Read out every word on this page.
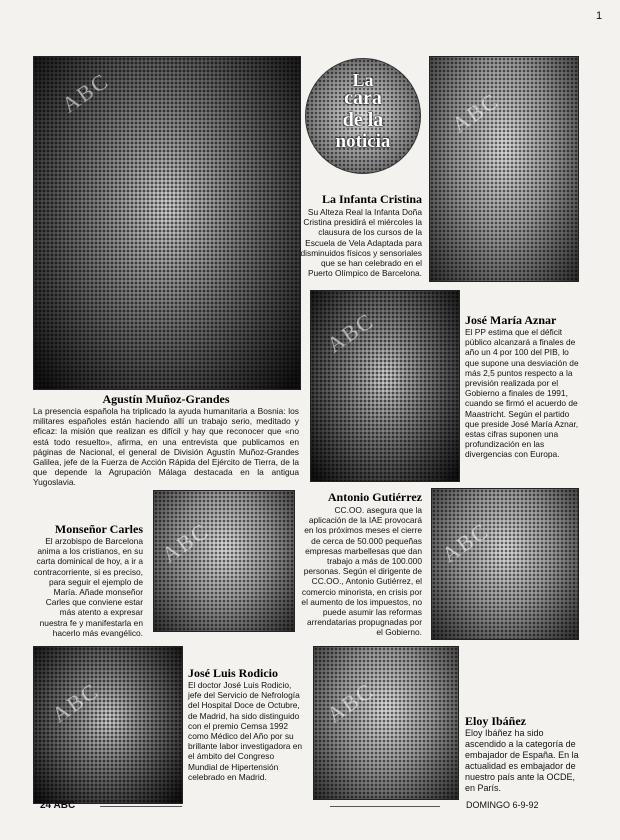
1
ABC	La
cara
de la
noticia
La Infanta Cristina
Su Alteza Real la Infanta Doña Cristina presidirá el miércoles la clausura de los cursos de la Escuela de Vela Adaptada para disminuidos físicos y sensoriales que se han celebrado en el Puerto Olímpico de Barcelona.
ABC
Agustín Muñoz-Grandes
La presencia española ha triplicado la ayuda humanitaria a Bosnia: los militares españoles están haciendo allí un trabajo serio, meditado y eficaz: la misión que realizan es difícil y hay que reconocer que «no está todo resuelto», afirma, en una entrevista que publicamos en páginas de Nacional, el general de División Agustín Muñoz-Grandes Galilea, jefe de la Fuerza de Acción Rápida del Ejército de Tierra, de la que depende la Agrupación Málaga destacada en la antigua Yugoslavia.
ABC	José María Aznar
El PP estima que el déficit público alcanzará a finales de año un 4 por 100 del PIB, lo que supone una desviación de más 2,5 puntos respecto a la previsión realizada por el Gobierno a finales de 1991, cuando se firmó el acuerdo de Maastricht. Según el partido que preside José María Aznar, estas cifras suponen una profundización en las divergencias con Europa.
Monseñor Carles
El arzobispo de Barcelona anima a los cristianos, en su carta dominical de hoy, a ir a contracorriente, si es preciso, para seguir el ejemplo de María. Añade monseñor Carles que conviene estar más atento a expresar nuestra fe y manifestarla en hacerlo más evangélico.
ABC
Antonio Gutiérrez
CC.OO. asegura que la aplicación de la IAE provocará en los próximos meses el cierre de cerca de 50.000 pequeñas empresas marbellesas que dan trabajo a más de 100.000 personas. Según el dirigente de CC.OO., Antonio Gutiérrez, el comercio minorista, en crisis por el aumento de los impuestos, no puede asumir las reformas arrendatarias propugnadas por el Gobierno.
ABC
ABC
José Luis Rodicio
El doctor José Luis Rodicio, jefe del Servicio de Nefrología del Hospital Doce de Octubre, de Madrid, ha sido distinguido con el premio Cemsa 1992 como Médico del Año por su brillante labor investigadora en el ámbito del Congreso Mundial de Hipertensión celebrado en Madrid.
ABC	Eloy Ibáñez
Eloy Ibáñez ha sido ascendido a la categoría de embajador de España. En la actualidad es embajador de nuestro país ante la OCDE, en París.
24 ABC	DOMINGO 6-9-92
